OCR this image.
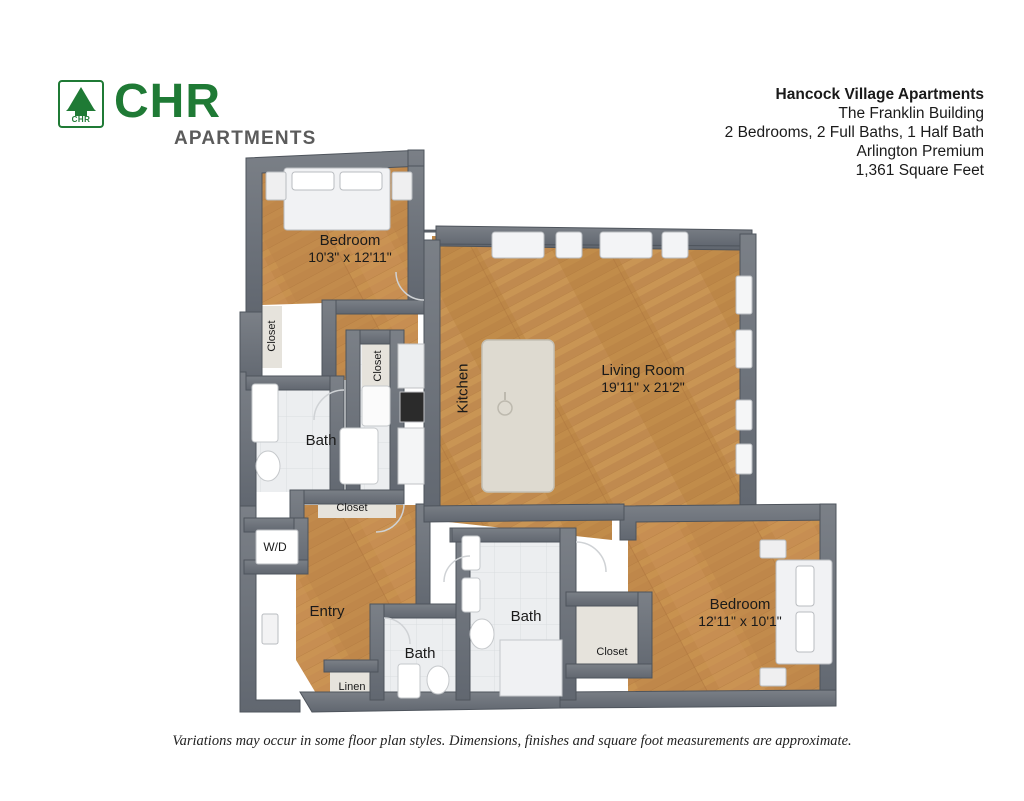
CHR CHR
APARTMENTS
Hancock Village Apartments
The Franklin Building
2 Bedrooms, 2 Full Baths, 1 Half Bath
Arlington Premium
1,361 Square Feet
Bedroom
10'3" x 12'11"
Living Room
19'11" x 21'2"
Bedroom
12'11" x 10'1"
Kitchen
Entry
Bath
Bath
Bath
Closet
Closet
Closet
Closet
W/D
Linen
Variations may occur in some floor plan styles. Dimensions, finishes and square foot measurements are approximate.
